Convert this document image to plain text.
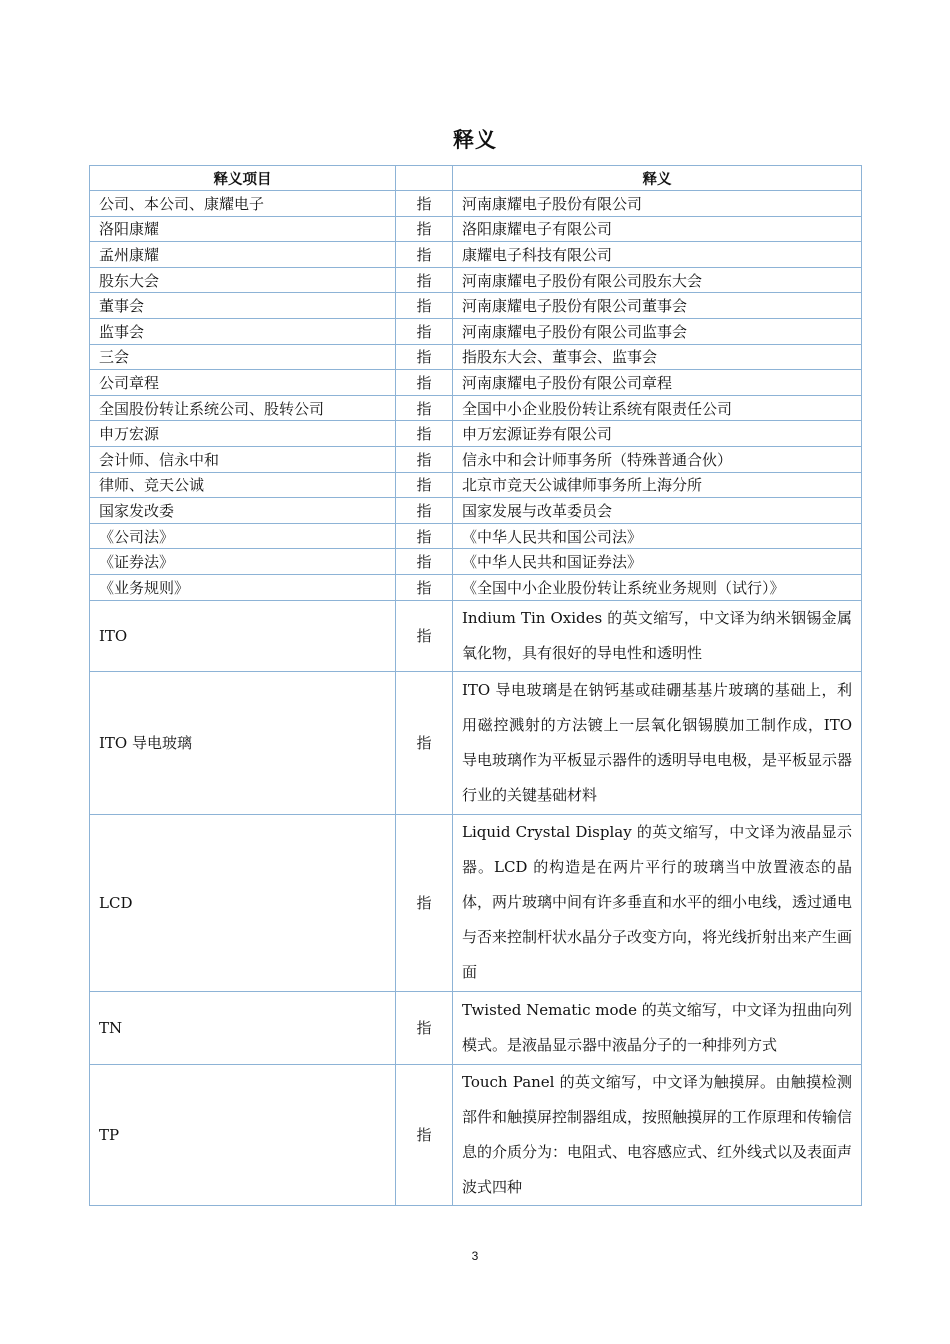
释义
释义项目		释义
公司、本公司、康耀电子	指	河南康耀电子股份有限公司
洛阳康耀	指	洛阳康耀电子有限公司
孟州康耀	指	康耀电子科技有限公司
股东大会	指	河南康耀电子股份有限公司股东大会
董事会	指	河南康耀电子股份有限公司董事会
监事会	指	河南康耀电子股份有限公司监事会
三会	指	指股东大会、董事会、监事会
公司章程	指	河南康耀电子股份有限公司章程
全国股份转让系统公司、股转公司	指	全国中小企业股份转让系统有限责任公司
申万宏源	指	申万宏源证券有限公司
会计师、信永中和	指	信永中和会计师事务所（特殊普通合伙）
律师、竞天公诚	指	北京市竞天公诚律师事务所上海分所
国家发改委	指	国家发展与改革委员会
《公司法》	指	《中华人民共和国公司法》
《证券法》	指	《中华人民共和国证券法》
《业务规则》	指	《全国中小企业股份转让系统业务规则（试行）》
ITO	指	Indium Tin Oxides 的英文缩写，中文译为纳米铟锡金属氧化物，具有很好的导电性和透明性
ITO 导电玻璃	指	ITO 导电玻璃是在钠钙基或硅硼基基片玻璃的基础上，利用磁控溅射的方法镀上一层氧化铟锡膜加工制作成，ITO 导电玻璃作为平板显示器件的透明导电电极，是平板显示器行业的关键基础材料
LCD	指	Liquid Crystal Display 的英文缩写，中文译为液晶显示器。LCD 的构造是在两片平行的玻璃当中放置液态的晶体，两片玻璃中间有许多垂直和水平的细小电线，透过通电与否来控制杆状水晶分子改变方向，将光线折射出来产生画面
TN	指	Twisted Nematic mode 的英文缩写，中文译为扭曲向列模式。是液晶显示器中液晶分子的一种排列方式
TP	指	Touch Panel 的英文缩写，中文译为触摸屏。由触摸检测部件和触摸屏控制器组成，按照触摸屏的工作原理和传输信息的介质分为：电阻式、电容感应式、红外线式以及表面声波式四种
3
